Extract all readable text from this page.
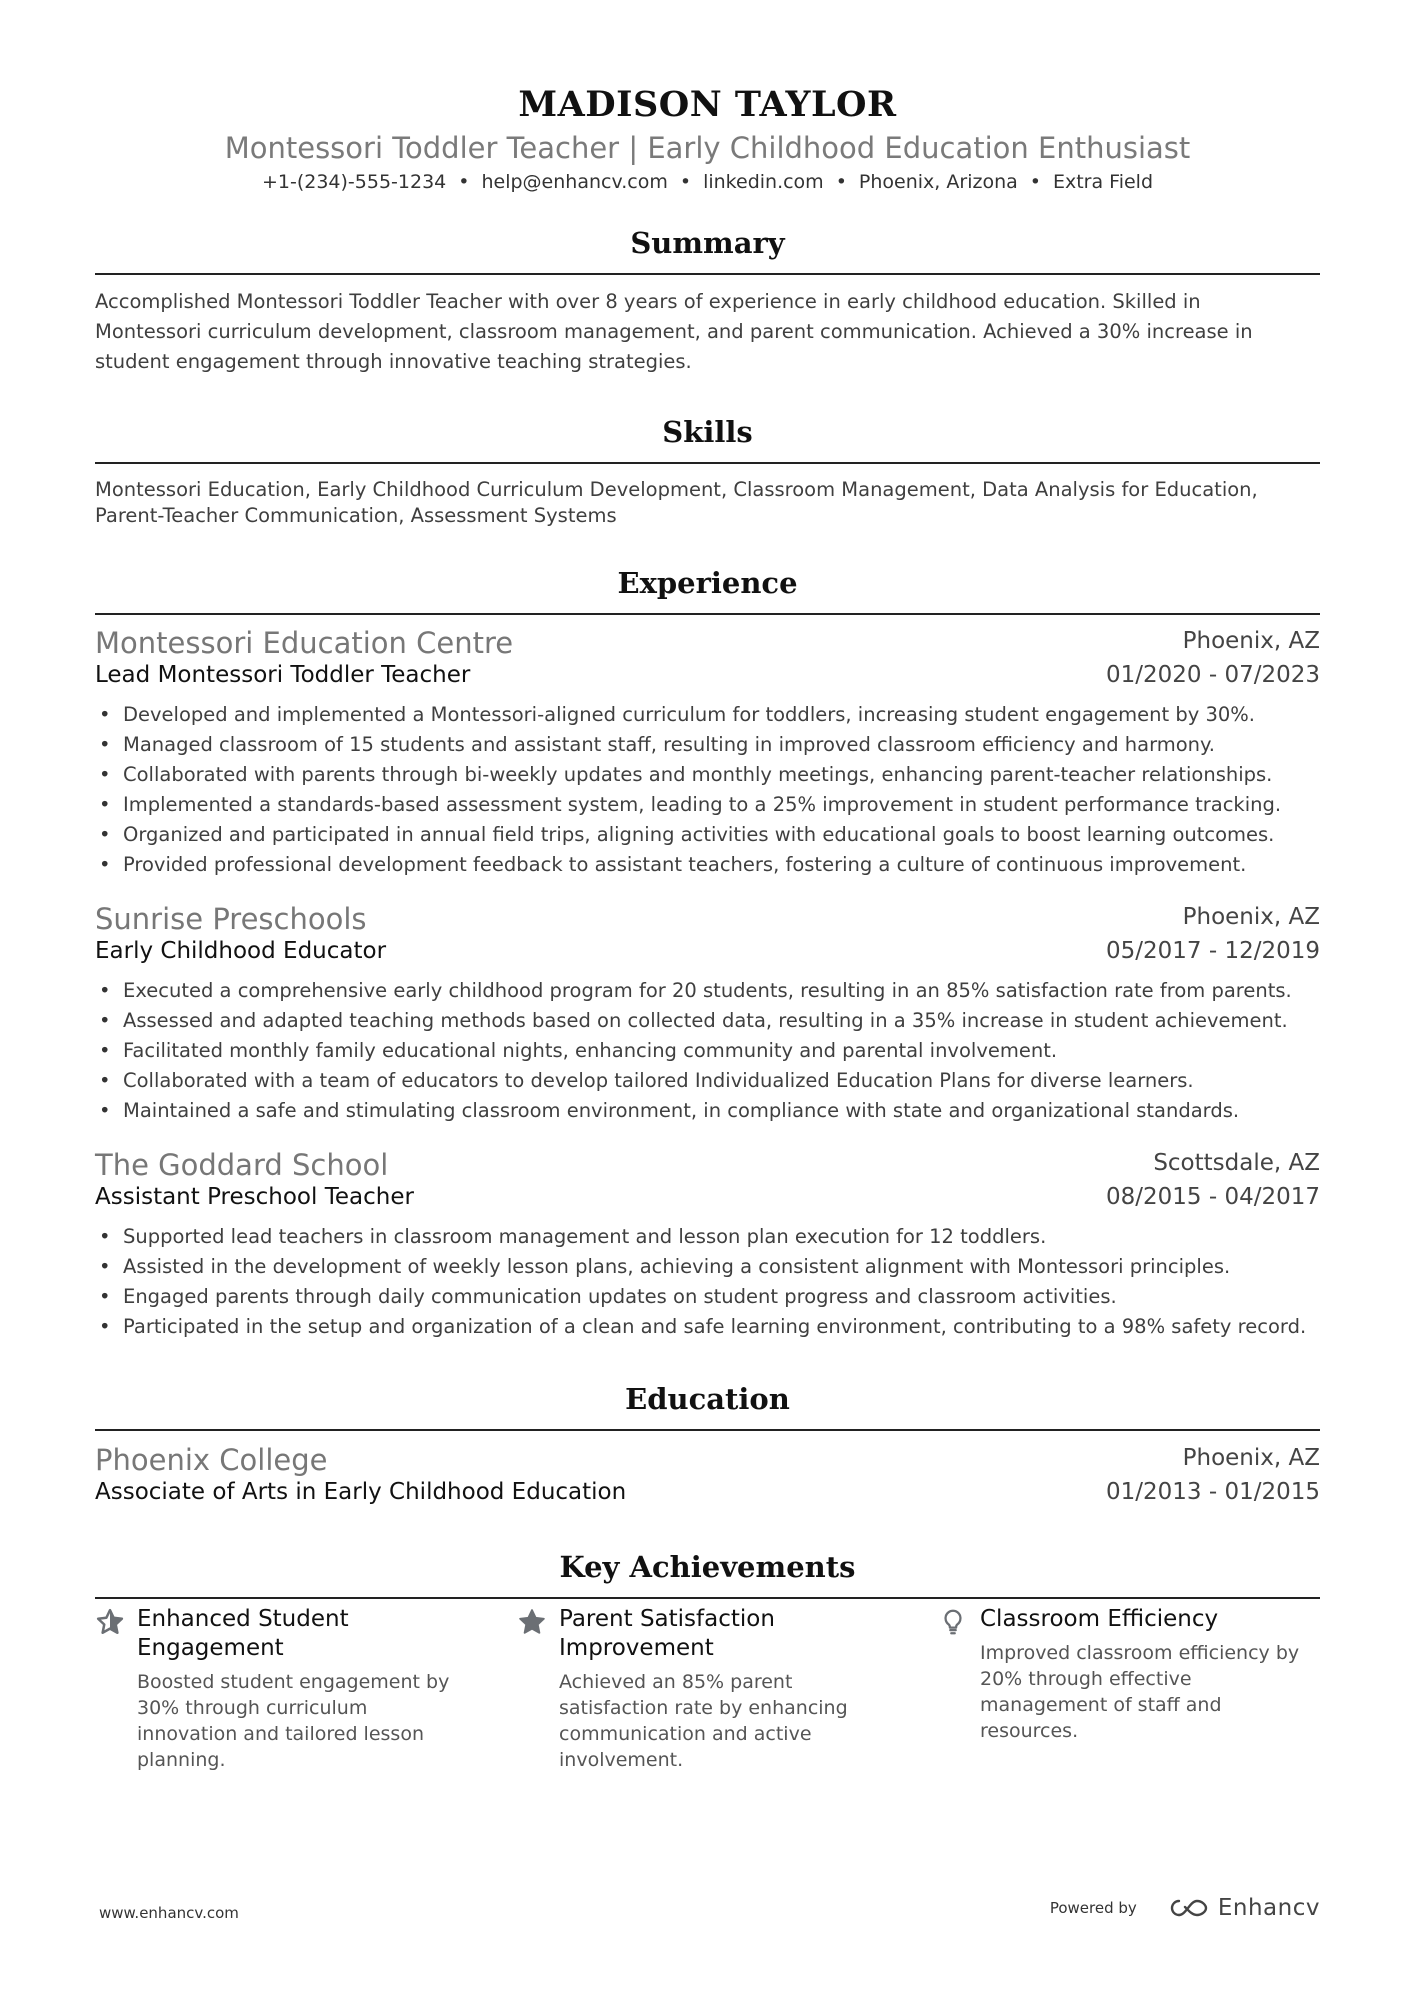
MADISON TAYLOR
Montessori Toddler Teacher | Early Childhood Education Enthusiast
+1-(234)-555-1234 • help@enhancv.com • linkedin.com • Phoenix, Arizona • Extra Field
Summary
Accomplished Montessori Toddler Teacher with over 8 years of experience in early childhood education. Skilled in
Montessori curriculum development, classroom management, and parent communication. Achieved a 30% increase in
student engagement through innovative teaching strategies.
Skills
Montessori Education, Early Childhood Curriculum Development, Classroom Management, Data Analysis for Education,
Parent-Teacher Communication, Assessment Systems
Experience
Montessori Education Centre	Phoenix, AZ
Lead Montessori Toddler Teacher	01/2020 - 07/2023
• Developed and implemented a Montessori-aligned curriculum for toddlers, increasing student engagement by 30%.
• Managed classroom of 15 students and assistant staff, resulting in improved classroom efficiency and harmony.
• Collaborated with parents through bi-weekly updates and monthly meetings, enhancing parent-teacher relationships.
• Implemented a standards-based assessment system, leading to a 25% improvement in student performance tracking.
• Organized and participated in annual field trips, aligning activities with educational goals to boost learning outcomes.
• Provided professional development feedback to assistant teachers, fostering a culture of continuous improvement.
Sunrise Preschools	Phoenix, AZ
Early Childhood Educator	05/2017 - 12/2019
• Executed a comprehensive early childhood program for 20 students, resulting in an 85% satisfaction rate from parents.
• Assessed and adapted teaching methods based on collected data, resulting in a 35% increase in student achievement.
• Facilitated monthly family educational nights, enhancing community and parental involvement.
• Collaborated with a team of educators to develop tailored Individualized Education Plans for diverse learners.
• Maintained a safe and stimulating classroom environment, in compliance with state and organizational standards.
The Goddard School	Scottsdale, AZ
Assistant Preschool Teacher	08/2015 - 04/2017
• Supported lead teachers in classroom management and lesson plan execution for 12 toddlers.
• Assisted in the development of weekly lesson plans, achieving a consistent alignment with Montessori principles.
• Engaged parents through daily communication updates on student progress and classroom activities.
• Participated in the setup and organization of a clean and safe learning environment, contributing to a 98% safety record.
Education
Phoenix College	Phoenix, AZ
Associate of Arts in Early Childhood Education	01/2013 - 01/2015
Key Achievements
Enhanced Student
Engagement
Boosted student engagement by
30% through curriculum
innovation and tailored lesson
planning.
Parent Satisfaction
Improvement
Achieved an 85% parent
satisfaction rate by enhancing
communication and active
involvement.
Classroom Efficiency
Improved classroom efficiency by
20% through effective
management of staff and
resources.
www.enhancv.com	Powered by	Enhancv
